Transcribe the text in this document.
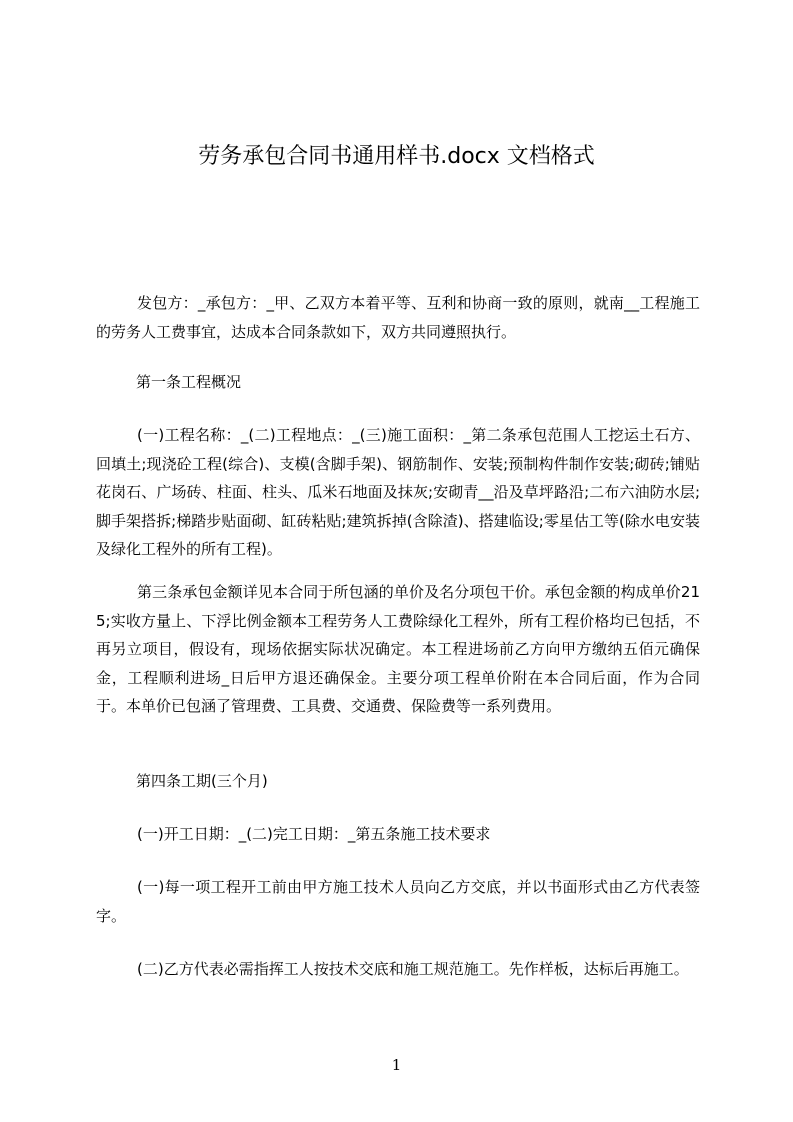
劳务承包合同书通用样书.docx 文档格式

发包方：_承包方：_甲、乙双方本着平等、互利和协商一致的原则，就南__工程施工的劳务人工费事宜，达成本合同条款如下，双方共同遵照执行。

第一条工程概况

(一)工程名称：_(二)工程地点：_(三)施工面积：_第二条承包范围人工挖运土石方、回填土;现浇砼工程(综合)、支模(含脚手架)、钢筋制作、安装;预制构件制作安装;砌砖;铺贴花岗石、广场砖、柱面、柱头、瓜米石地面及抹灰;安砌青__沿及草坪路沿;二布六油防水层;脚手架搭拆;梯踏步贴面砌、缸砖粘贴;建筑拆掉(含除渣)、搭建临设;零星估工等(除水电安装及绿化工程外的所有工程)。

第三条承包金额详见本合同于所包涵的单价及名分项包干价。承包金额的构成单价215;实收方量上、下浮比例金额本工程劳务人工费除绿化工程外，所有工程价格均已包括，不再另立项目，假设有，现场依据实际状况确定。本工程进场前乙方向甲方缴纳五佰元确保金，工程顺利进场_日后甲方退还确保金。主要分项工程单价附在本合同后面，作为合同于。本单价已包涵了管理费、工具费、交通费、保险费等一系列费用。

第四条工期(三个月)

(一)开工日期：_(二)完工日期：_第五条施工技术要求

(一)每一项工程开工前由甲方施工技术人员向乙方交底，并以书面形式由乙方代表签字。

(二)乙方代表必需指挥工人按技术交底和施工规范施工。先作样板，达标后再施工。

1
